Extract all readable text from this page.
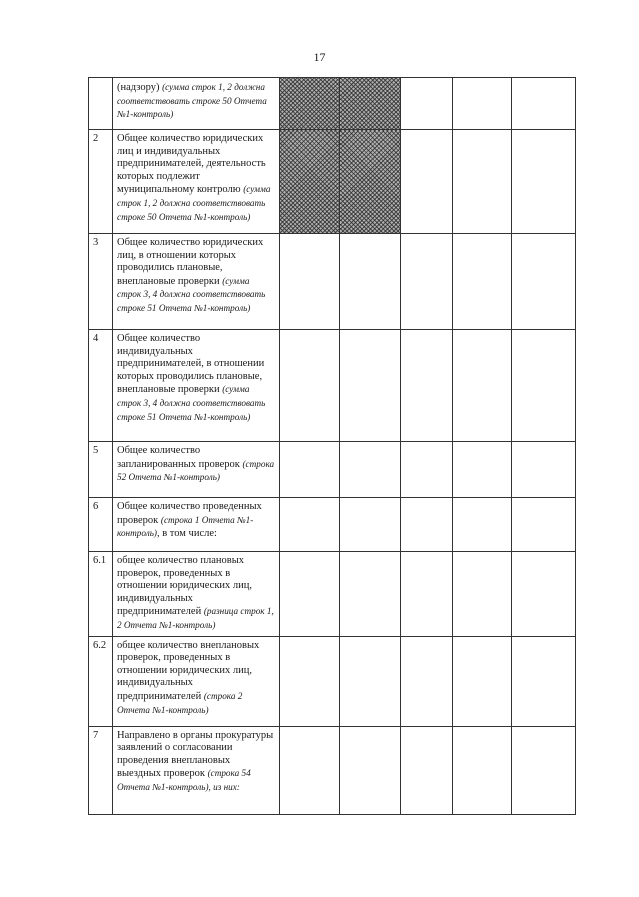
17
	(надзору) (сумма строк 1, 2 должна соответствовать строке 50 Отчета №1-контроль)					
2	Общее количество юридических лиц и индивидуальных предпринимателей, деятельность которых подлежит муниципальному контролю (сумма строк 1, 2 должна соответствовать строке 50 Отчета №1-контроль)					
3	Общее количество юридических лиц, в отношении которых проводились плановые, внеплановые проверки (сумма строк 3, 4 должна соответствовать строке 51 Отчета №1-контроль)					
4	Общее количество индивидуальных предпринимателей, в отношении которых проводились плановые, внеплановые проверки (сумма строк 3, 4 должна соответствовать строке 51 Отчета №1-контроль)					
5	Общее количество запланированных проверок (строка 52 Отчета №1-контроль)					
6	Общее количество проведенных проверок (строка 1 Отчета №1-контроль), в том числе:					
6.1	общее количество плановых проверок, проведенных в отношении юридических лиц, индивидуальных предпринимателей (разница строк 1, 2 Отчета №1-контроль)					
6.2	общее количество внеплановых проверок, проведенных в отношении юридических лиц, индивидуальных предпринимателей (строка 2 Отчета №1-контроль)					
7	Направлено в органы прокуратуры заявлений о согласовании проведения внеплановых выездных проверок (строка 54 Отчета №1-контроль), из них:					
